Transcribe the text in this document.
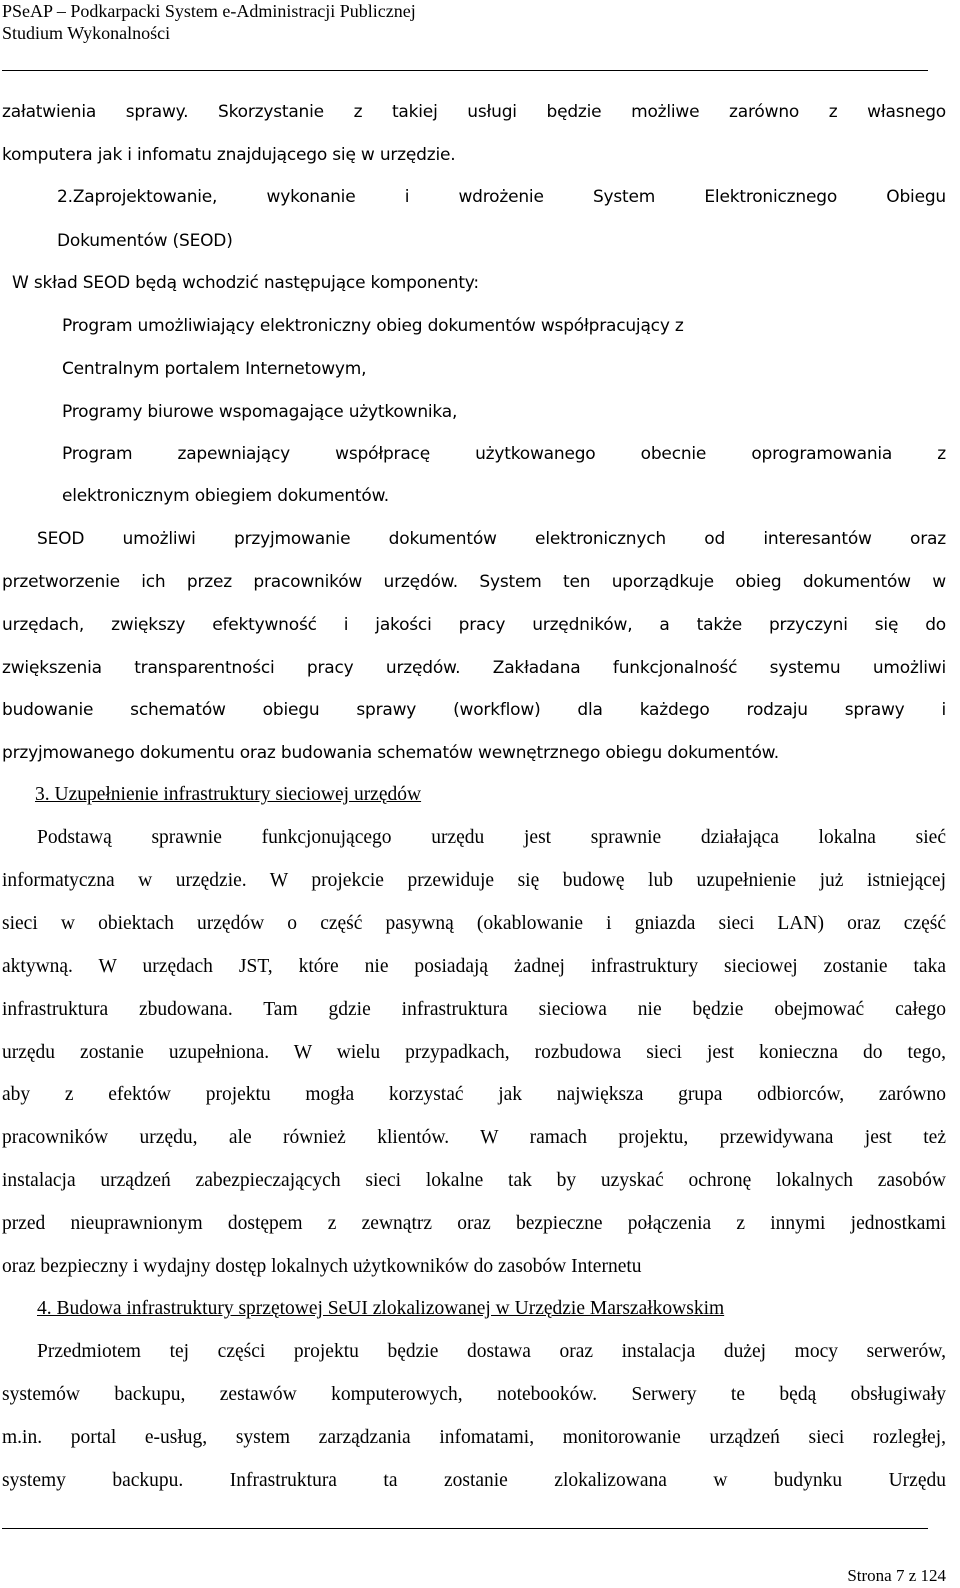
PSeAP – Podkarpacki System e-Administracji Publicznej
Studium Wykonalności
załatwienia sprawy. Skorzystanie z takiej usługi będzie możliwe zarówno z własnego
komputera jak i infomatu znajdującego się w urzędzie.
2.Zaprojektowanie, wykonanie i wdrożenie System Elektronicznego Obiegu
Dokumentów (SEOD)
W skład SEOD będą wchodzić następujące komponenty:
Program umożliwiający elektroniczny obieg dokumentów współpracujący z
Centralnym portalem Internetowym,
Programy biurowe wspomagające użytkownika,
Program zapewniający współpracę użytkowanego obecnie oprogramowania z
elektronicznym obiegiem dokumentów.
SEOD umożliwi przyjmowanie dokumentów elektronicznych od interesantów oraz
przetworzenie ich przez pracowników urzędów. System ten uporządkuje obieg dokumentów w
urzędach, zwiększy efektywność i jakości pracy urzędników, a także przyczyni się do
zwiększenia transparentności pracy urzędów. Zakładana funkcjonalność systemu umożliwi
budowanie schematów obiegu sprawy (workflow) dla każdego rodzaju sprawy i
przyjmowanego dokumentu oraz budowania schematów wewnętrznego obiegu dokumentów.
3. Uzupełnienie infrastruktury sieciowej urzędów
Podstawą sprawnie funkcjonującego urzędu jest sprawnie działająca lokalna sieć
informatyczna w urzędzie. W projekcie przewiduje się budowę lub uzupełnienie już istniejącej
sieci w obiektach urzędów o część pasywną (okablowanie i gniazda sieci LAN) oraz część
aktywną. W urzędach JST, które nie posiadają żadnej infrastruktury sieciowej zostanie taka
infrastruktura zbudowana. Tam gdzie infrastruktura sieciowa nie będzie obejmować całego
urzędu zostanie uzupełniona. W wielu przypadkach, rozbudowa sieci jest konieczna do tego,
aby z efektów projektu mogła korzystać jak największa grupa odbiorców, zarówno
pracowników urzędu, ale również klientów. W ramach projektu, przewidywana jest też
instalacja urządzeń zabezpieczających sieci lokalne tak by uzyskać ochronę lokalnych zasobów
przed nieuprawnionym dostępem z zewnątrz oraz bezpieczne połączenia z innymi jednostkami
oraz bezpieczny i wydajny dostęp lokalnych użytkowników do zasobów Internetu
4. Budowa infrastruktury sprzętowej SeUI zlokalizowanej w Urzędzie Marszałkowskim
Przedmiotem tej części projektu będzie dostawa oraz instalacja dużej mocy serwerów,
systemów backupu, zestawów komputerowych, notebooków. Serwery te będą obsługiwały
m.in. portal e-usług, system zarządzania infomatami, monitorowanie urządzeń sieci rozległej,
systemy backupu. Infrastruktura ta zostanie zlokalizowana w budynku Urzędu
Strona 7 z 124
